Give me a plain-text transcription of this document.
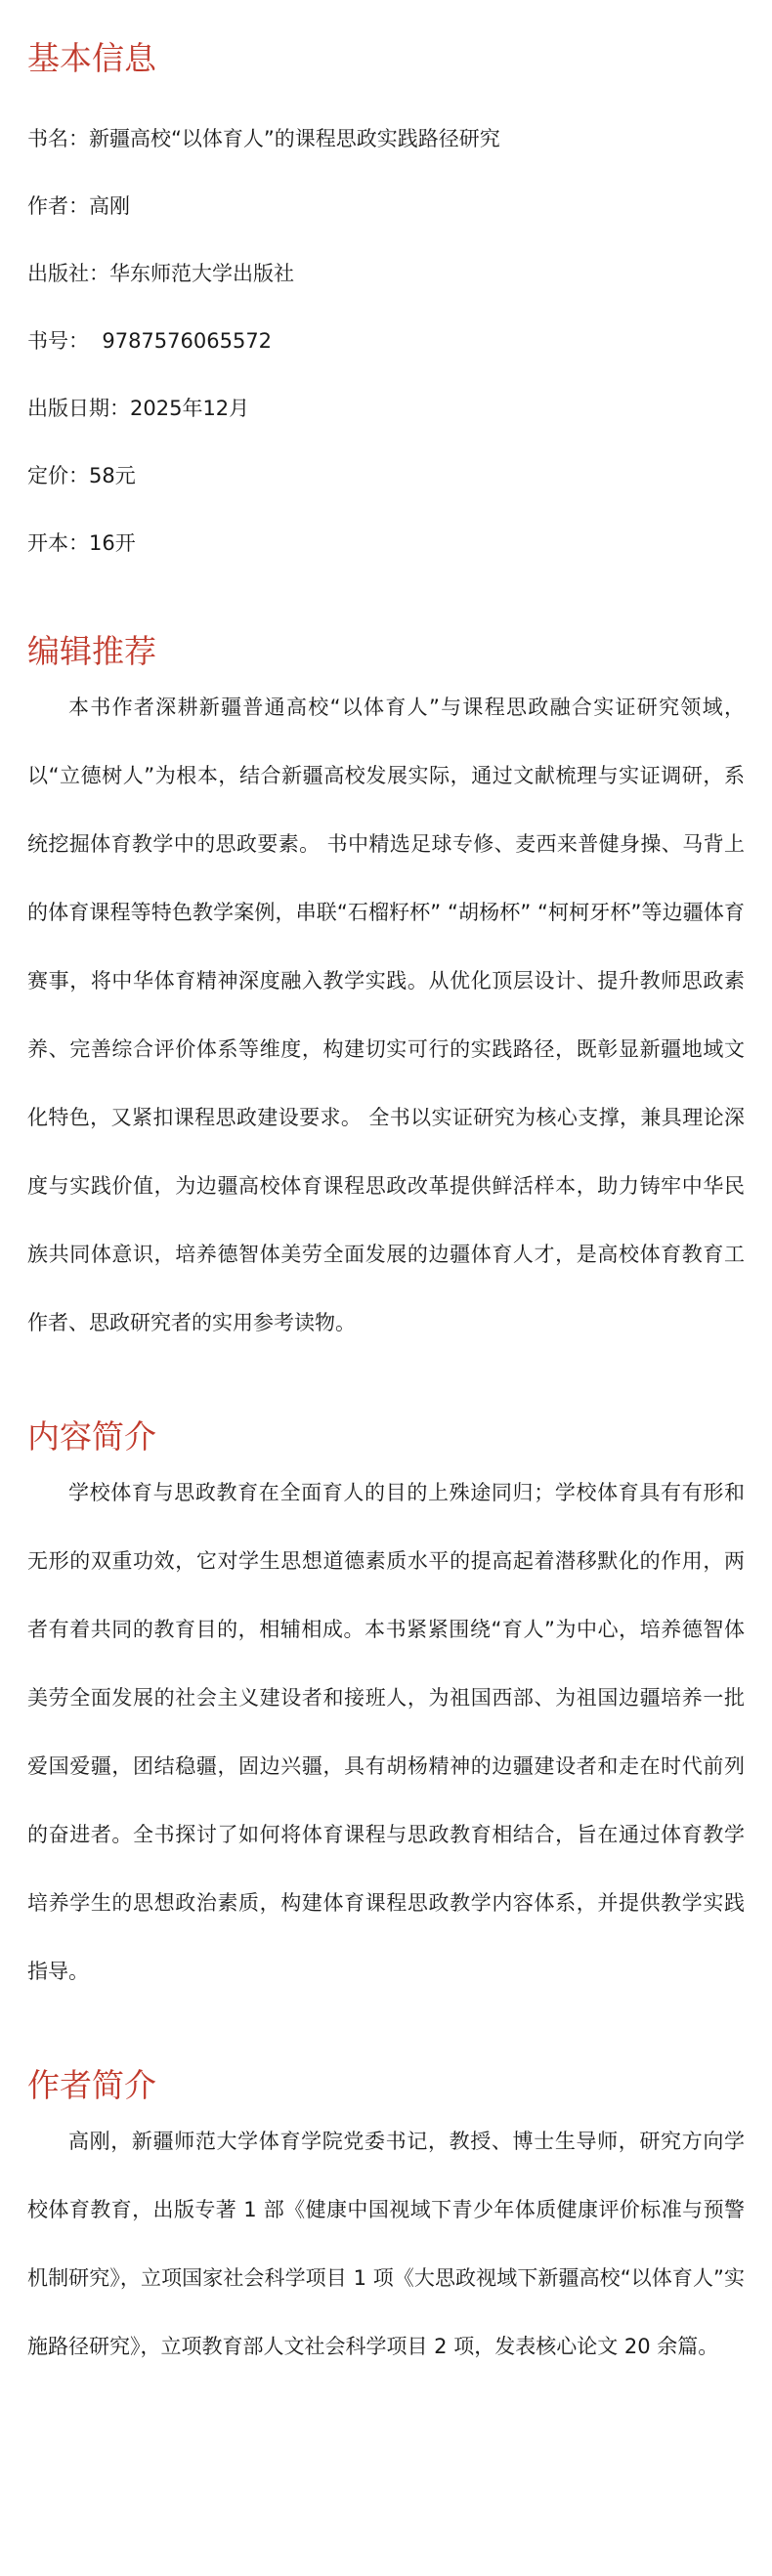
基本信息

书名：新疆高校“以体育人”的课程思政实践路径研究

作者：高刚

出版社：华东师范大学出版社

书号：  9787576065572

出版日期：2025年12月

定价：58元

开本：16开

编辑推荐

本书作者深耕新疆普通高校“以体育人”与课程思政融合实证研究领域，以“立德树人”为根本，结合新疆高校发展实际，通过文献梳理与实证调研，系统挖掘体育教学中的思政要素。 书中精选足球专修、麦西来普健身操、马背上的体育课程等特色教学案例，串联“石榴籽杯” “胡杨杯” “柯柯牙杯”等边疆体育赛事，将中华体育精神深度融入教学实践。从优化顶层设计、提升教师思政素养、完善综合评价体系等维度，构建切实可行的实践路径，既彰显新疆地域文化特色，又紧扣课程思政建设要求。 全书以实证研究为核心支撑，兼具理论深度与实践价值，为边疆高校体育课程思政改革提供鲜活样本，助力铸牢中华民族共同体意识，培养德智体美劳全面发展的边疆体育人才，是高校体育教育工作者、思政研究者的实用参考读物。

内容简介

学校体育与思政教育在全面育人的目的上殊途同归；学校体育具有有形和无形的双重功效，它对学生思想道德素质水平的提高起着潜移默化的作用，两者有着共同的教育目的，相辅相成。本书紧紧围绕“育人”为中心，培养德智体美劳全面发展的社会主义建设者和接班人，为祖国西部、为祖国边疆培养一批爱国爱疆，团结稳疆，固边兴疆，具有胡杨精神的边疆建设者和走在时代前列的奋进者。全书探讨了如何将体育课程与思政教育相结合，旨在通过体育教学培养学生的思想政治素质，构建体育课程思政教学内容体系，并提供教学实践指导。

作者简介

高刚，新疆师范大学体育学院党委书记，教授、博士生导师，研究方向学校体育教育，出版专著 1 部《健康中国视域下青少年体质健康评价标准与预警机制研究》，立项国家社会科学项目 1 项《大思政视域下新疆高校“以体育人”实施路径研究》，立项教育部人文社会科学项目 2 项，发表核心论文 20 余篇。
